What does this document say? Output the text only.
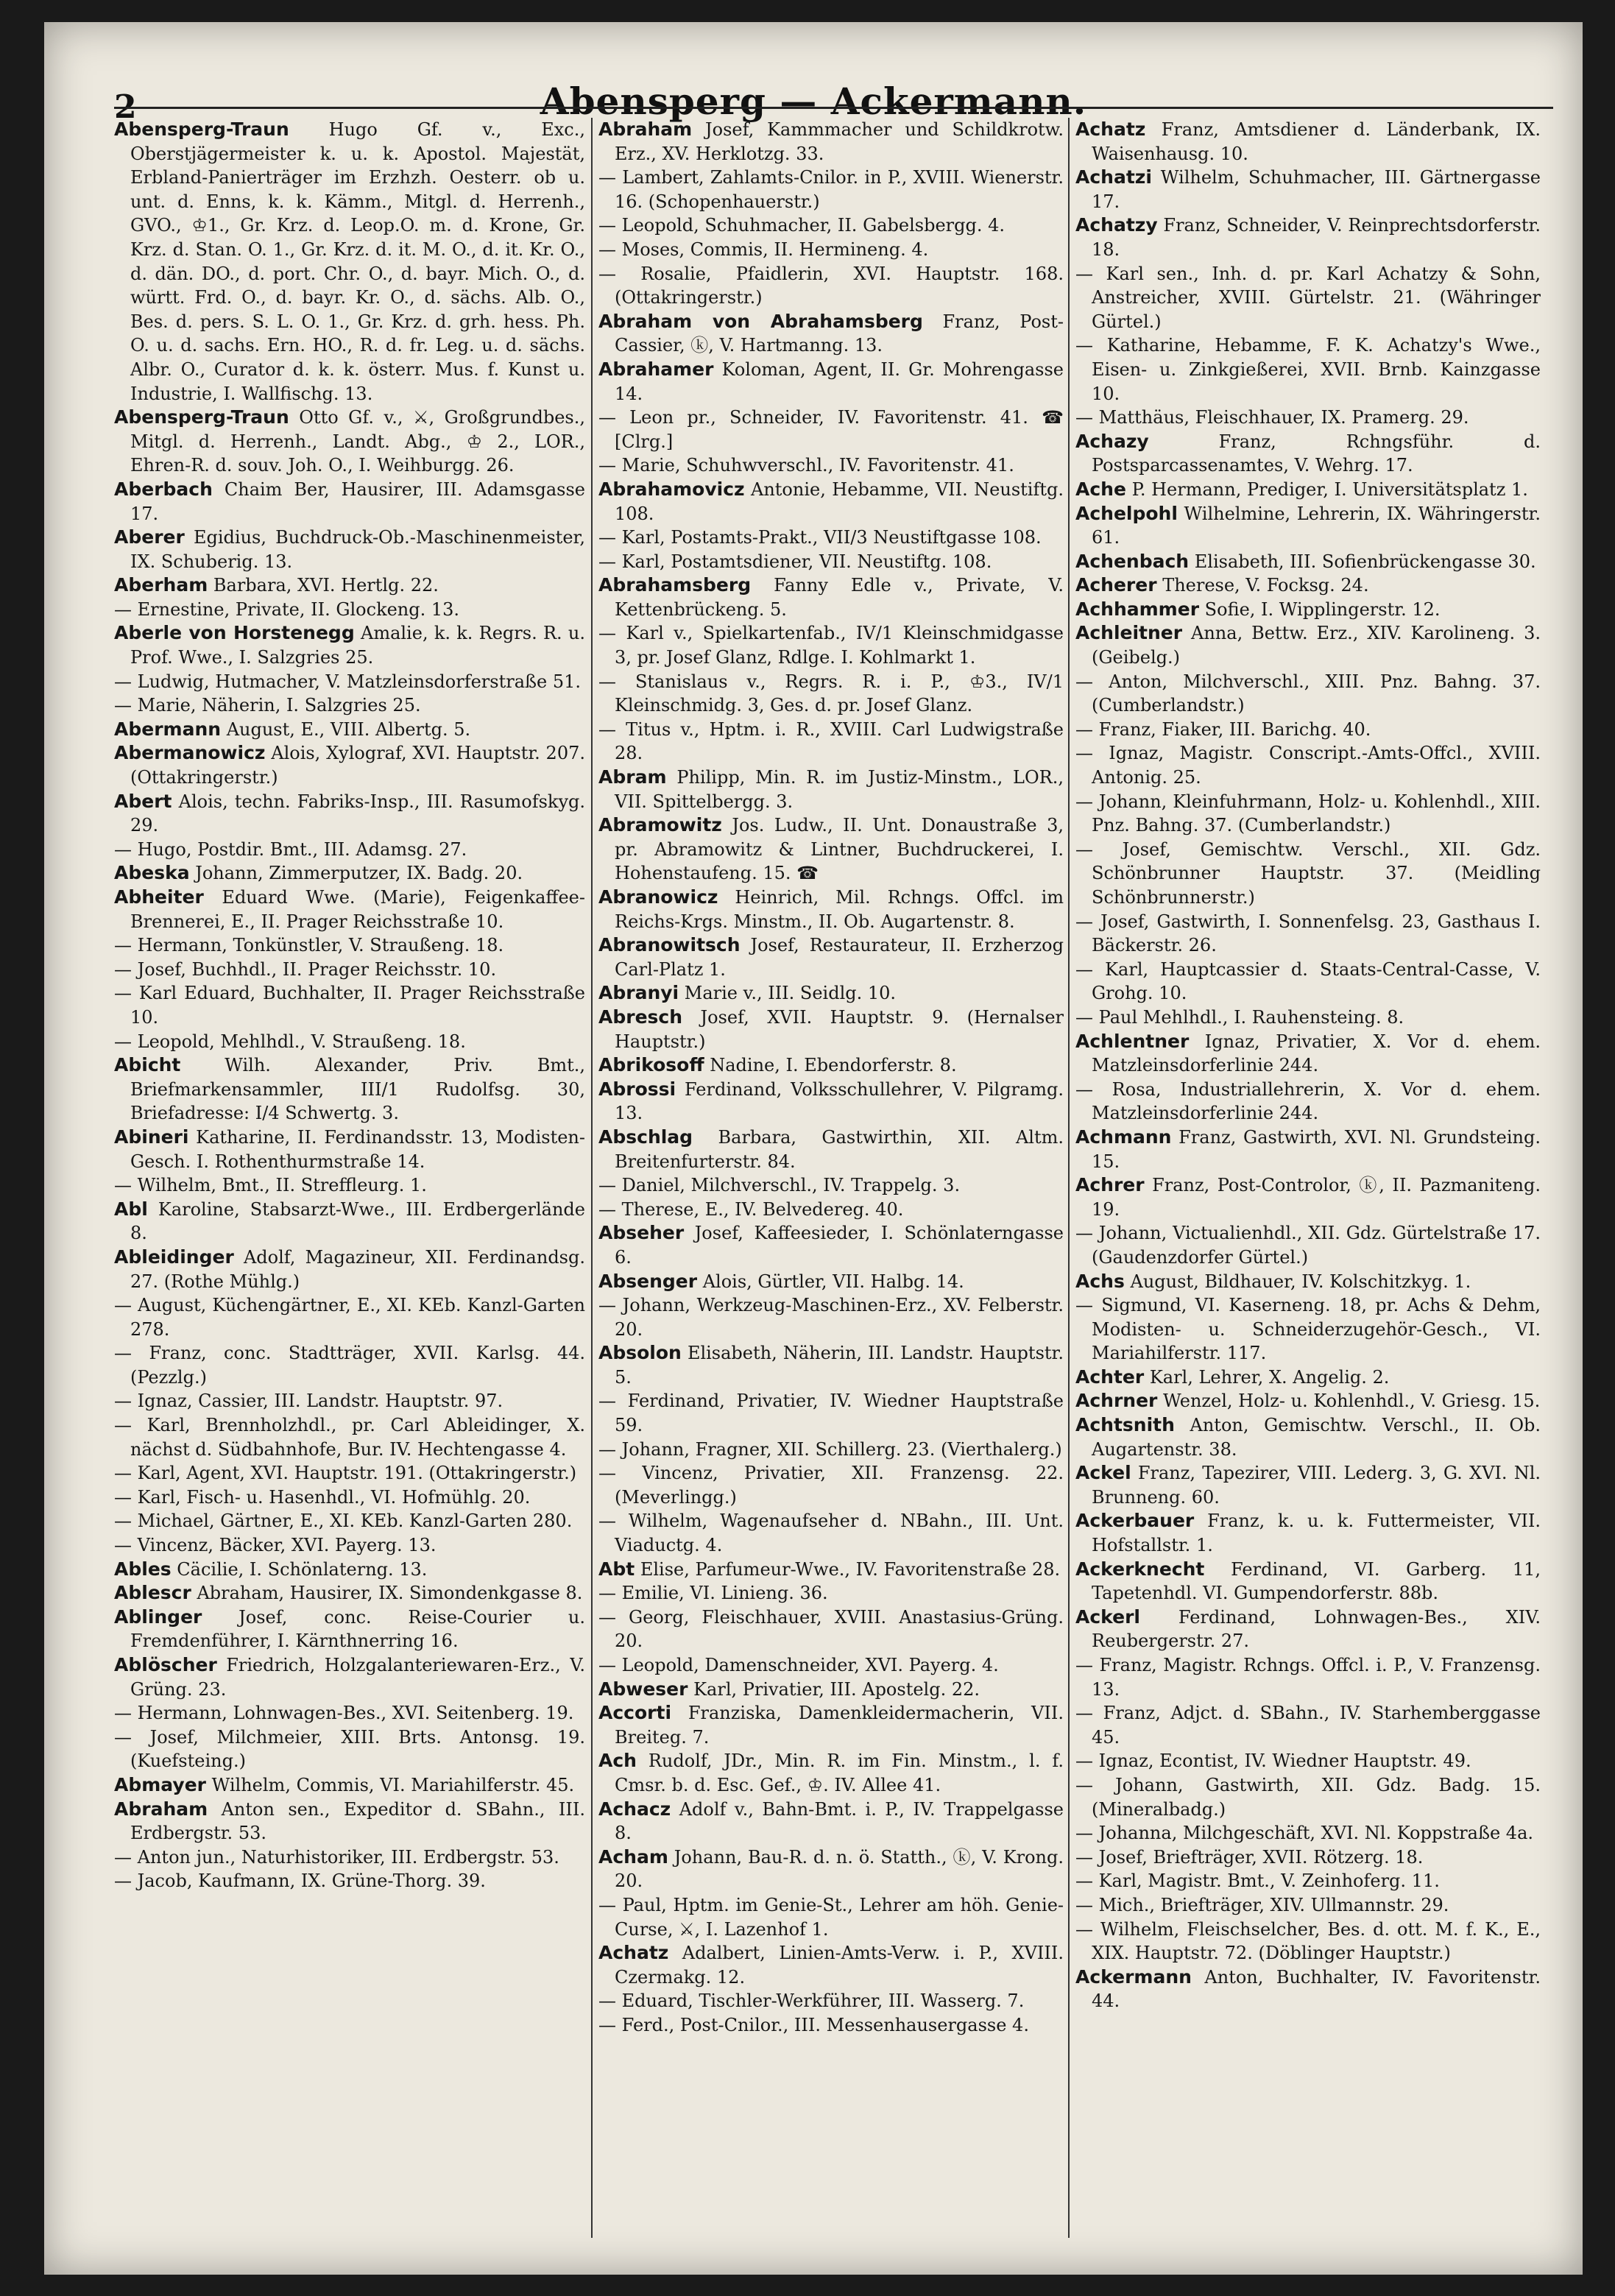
2	Abensperg — Ackermann.

Abensperg-Traun Hugo Gf. v., Exc., Oberstjägermeister k. u. k. Apostol. Majestät, Erbland-Panierträger im Erzhzh. Oesterr. ob u. unt. d. Enns, k. k. Kämm., Mitgl. d. Herrenh., GVO., ♔1., Gr. Krz. d. Leop.O. m. d. Krone, Gr. Krz. d. Stan. O. 1., Gr. Krz. d. it. M. O., d. it. Kr. O., d. dän. DO., d. port. Chr. O., d. bayr. Mich. O., d. württ. Frd. O., d. bayr. Kr. O., d. sächs. Alb. O., Bes. d. pers. S. L. O. 1., Gr. Krz. d. grh. hess. Ph. O. u. d. sachs. Ern. HO., R. d. fr. Leg. u. d. sächs. Albr. O., Curator d. k. k. österr. Mus. f. Kunst u. Industrie, I. Wallfischg. 13.

Abensperg-Traun Otto Gf. v., ⚔, Großgrundbes., Mitgl. d. Herrenh., Landt. Abg., ♔ 2., LOR., Ehren-R. d. souv. Joh. O., I. Weihburgg. 26.

Aberbach Chaim Ber, Hausirer, III. Adamsgasse 17.

Aberer Egidius, Buchdruck-Ob.-Maschinenmeister, IX. Schuberig. 13.

Aberham Barbara, XVI. Hertlg. 22.

— Ernestine, Private, II. Glockeng. 13.

Aberle von Horstenegg Amalie, k. k. Regrs. R. u. Prof. Wwe., I. Salzgries 25.

— Ludwig, Hutmacher, V. Matzleinsdorferstraße 51.

— Marie, Näherin, I. Salzgries 25.

Abermann August, E., VIII. Albertg. 5.

Abermanowicz Alois, Xylograf, XVI. Hauptstr. 207. (Ottakringerstr.)

Abert Alois, techn. Fabriks-Insp., III. Rasumofskyg. 29.

— Hugo, Postdir. Bmt., III. Adamsg. 27.

Abeska Johann, Zimmerputzer, IX. Badg. 20.

Abheiter Eduard Wwe. (Marie), Feigenkaffee-Brennerei, E., II. Prager Reichsstraße 10.

— Hermann, Tonkünstler, V. Straußeng. 18.

— Josef, Buchhdl., II. Prager Reichsstr. 10.

— Karl Eduard, Buchhalter, II. Prager Reichsstraße 10.

— Leopold, Mehlhdl., V. Straußeng. 18.

Abicht Wilh. Alexander, Priv. Bmt., Briefmarkensammler, III/1 Rudolfsg. 30, Briefadresse: I/4 Schwertg. 3.

Abineri Katharine, II. Ferdinandsstr. 13, Modisten-Gesch. I. Rothenthurmstraße 14.

— Wilhelm, Bmt., II. Streffleurg. 1.

Abl Karoline, Stabsarzt-Wwe., III. Erdbergerlände 8.

Ableidinger Adolf, Magazineur, XII. Ferdinandsg. 27. (Rothe Mühlg.)

— August, Küchengärtner, E., XI. KEb. Kanzl-Garten 278.

— Franz, conc. Stadtträger, XVII. Karlsg. 44. (Pezzlg.)

— Ignaz, Cassier, III. Landstr. Hauptstr. 97.

— Karl, Brennholzhdl., pr. Carl Ableidinger, X. nächst d. Südbahnhofe, Bur. IV. Hechtengasse 4.

— Karl, Agent, XVI. Hauptstr. 191. (Ottakringerstr.)

— Karl, Fisch- u. Hasenhdl., VI. Hofmühlg. 20.

— Michael, Gärtner, E., XI. KEb. Kanzl-Garten 280.

— Vincenz, Bäcker, XVI. Payerg. 13.

Ables Cäcilie, I. Schönlaterng. 13.

Ablescr Abraham, Hausirer, IX. Simondenkgasse 8.

Ablinger Josef, conc. Reise-Courier u. Fremdenführer, I. Kärnthnerring 16.

Ablöscher Friedrich, Holzgalanteriewaren-Erz., V. Grüng. 23.

— Hermann, Lohnwagen-Bes., XVI. Seitenberg. 19.

— Josef, Milchmeier, XIII. Brts. Antonsg. 19. (Kuefsteing.)

Abmayer Wilhelm, Commis, VI. Mariahilferstr. 45.

Abraham Anton sen., Expeditor d. SBahn., III. Erdbergstr. 53.

— Anton jun., Naturhistoriker, III. Erdbergstr. 53.

— Jacob, Kaufmann, IX. Grüne-Thorg. 39.

Abraham Josef, Kammmacher und Schildkrotw. Erz., XV. Herklotzg. 33.

— Lambert, Zahlamts-Cnilor. in P., XVIII. Wienerstr. 16. (Schopenhauerstr.)

— Leopold, Schuhmacher, II. Gabelsbergg. 4.

— Moses, Commis, II. Hermineng. 4.

— Rosalie, Pfaidlerin, XVI. Hauptstr. 168. (Ottakringerstr.)

Abraham von Abrahamsberg Franz, Post-Cassier, ⓚ, V. Hartmanng. 13.

Abrahamer Koloman, Agent, II. Gr. Mohrengasse 14.

— Leon pr., Schneider, IV. Favoritenstr. 41. ☎ [Clrg.]

— Marie, Schuhwverschl., IV. Favoritenstr. 41.

Abrahamovicz Antonie, Hebamme, VII. Neustiftg. 108.

— Karl, Postamts-Prakt., VII/3 Neustiftgasse 108.

— Karl, Postamtsdiener, VII. Neustiftg. 108.

Abrahamsberg Fanny Edle v., Private, V. Kettenbrückeng. 5.

— Karl v., Spielkartenfab., IV/1 Kleinschmidgasse 3, pr. Josef Glanz, Rdlge. I. Kohlmarkt 1.

— Stanislaus v., Regrs. R. i. P., ♔3., IV/1 Kleinschmidg. 3, Ges. d. pr. Josef Glanz.

— Titus v., Hptm. i. R., XVIII. Carl Ludwigstraße 28.

Abram Philipp, Min. R. im Justiz-Minstm., LOR., VII. Spittelbergg. 3.

Abramowitz Jos. Ludw., II. Unt. Donaustraße 3, pr. Abramowitz & Lintner, Buchdruckerei, I. Hohenstaufeng. 15. ☎

Abranowicz Heinrich, Mil. Rchngs. Offcl. im Reichs-Krgs. Minstm., II. Ob. Augartenstr. 8.

Abranowitsch Josef, Restaurateur, II. Erzherzog Carl-Platz 1.

Abranyi Marie v., III. Seidlg. 10.

Abresch Josef, XVII. Hauptstr. 9. (Hernalser Hauptstr.)

Abrikosoff Nadine, I. Ebendorferstr. 8.

Abrossi Ferdinand, Volksschullehrer, V. Pilgramg. 13.

Abschlag Barbara, Gastwirthin, XII. Altm. Breitenfurterstr. 84.

— Daniel, Milchverschl., IV. Trappelg. 3.

— Therese, E., IV. Belvedereg. 40.

Abseher Josef, Kaffeesieder, I. Schönlaterngasse 6.

Absenger Alois, Gürtler, VII. Halbg. 14.

— Johann, Werkzeug-Maschinen-Erz., XV. Felberstr. 20.

Absolon Elisabeth, Näherin, III. Landstr. Hauptstr. 5.

— Ferdinand, Privatier, IV. Wiedner Hauptstraße 59.

— Johann, Fragner, XII. Schillerg. 23. (Vierthalerg.)

— Vincenz, Privatier, XII. Franzensg. 22. (Meverlingg.)

— Wilhelm, Wagenaufseher d. NBahn., III. Unt. Viaductg. 4.

Abt Elise, Parfumeur-Wwe., IV. Favoritenstraße 28.

— Emilie, VI. Linieng. 36.

— Georg, Fleischhauer, XVIII. Anastasius-Grüng. 20.

— Leopold, Damenschneider, XVI. Payerg. 4.

Abweser Karl, Privatier, III. Apostelg. 22.

Accorti Franziska, Damenkleidermacherin, VII. Breiteg. 7.

Ach Rudolf, JDr., Min. R. im Fin. Minstm., l. f. Cmsr. b. d. Esc. Gef., ♔. IV. Allee 41.

Achacz Adolf v., Bahn-Bmt. i. P., IV. Trappelgasse 8.

Acham Johann, Bau-R. d. n. ö. Statth., ⓚ, V. Krong. 20.

— Paul, Hptm. im Genie-St., Lehrer am höh. Genie-Curse, ⚔, I. Lazenhof 1.

Achatz Adalbert, Linien-Amts-Verw. i. P., XVIII. Czermakg. 12.

— Eduard, Tischler-Werkführer, III. Wasserg. 7.

— Ferd., Post-Cnilor., III. Messenhausergasse 4.

Achatz Franz, Amtsdiener d. Länderbank, IX. Waisenhausg. 10.

Achatzi Wilhelm, Schuhmacher, III. Gärtnergasse 17.

Achatzy Franz, Schneider, V. Reinprechtsdorferstr. 18.

— Karl sen., Inh. d. pr. Karl Achatzy & Sohn, Anstreicher, XVIII. Gürtelstr. 21. (Währinger Gürtel.)

— Katharine, Hebamme, F. K. Achatzy's Wwe., Eisen- u. Zinkgießerei, XVII. Brnb. Kainzgasse 10.

— Matthäus, Fleischhauer, IX. Pramerg. 29.

Achazy	Franz, Rchngsführ. d. Postsparcassenamtes, V. Wehrg. 17.

Ache P. Hermann, Prediger, I. Universitätsplatz 1.

Achelpohl Wilhelmine, Lehrerin, IX. Währingerstr. 61.

Achenbach Elisabeth, III. Sofienbrückengasse 30.

Acherer Therese, V. Focksg. 24.

Achhammer Sofie, I. Wipplingerstr. 12.

Achleitner Anna, Bettw. Erz., XIV. Karolineng. 3. (Geibelg.)

— Anton, Milchverschl., XIII. Pnz. Bahng. 37. (Cumberlandstr.)

— Franz, Fiaker, III. Barichg. 40.

— Ignaz, Magistr. Conscript.-Amts-Offcl., XVIII. Antonig. 25.

— Johann, Kleinfuhrmann, Holz- u. Kohlenhdl., XIII. Pnz. Bahng. 37. (Cumberlandstr.)

— Josef, Gemischtw. Verschl., XII. Gdz. Schönbrunner Hauptstr. 37. (Meidling Schönbrunnerstr.)

— Josef, Gastwirth, I. Sonnenfelsg. 23, Gasthaus I. Bäckerstr. 26.

— Karl, Hauptcassier d. Staats-Central-Casse, V. Grohg. 10.

— Paul Mehlhdl., I. Rauhensteing. 8.

Achlentner Ignaz, Privatier, X. Vor d. ehem. Matzleinsdorferlinie 244.

— Rosa, Industriallehrerin, X. Vor d. ehem. Matzleinsdorferlinie 244.

Achmann Franz, Gastwirth, XVI. Nl. Grundsteing. 15.

Achrer Franz, Post-Controlor, ⓚ, II. Pazmaniteng. 19.

— Johann, Victualienhdl., XII. Gdz. Gürtelstraße 17. (Gaudenzdorfer Gürtel.)

Achs August, Bildhauer, IV. Kolschitzkyg. 1.

— Sigmund, VI. Kaserneng. 18, pr. Achs & Dehm, Modisten- u. Schneiderzugehör-Gesch., VI. Mariahilferstr. 117.

Achter Karl, Lehrer, X. Angelig. 2.

Achrner Wenzel, Holz- u. Kohlenhdl., V. Griesg. 15.

Achtsnith Anton, Gemischtw. Verschl., II. Ob. Augartenstr. 38.

Ackel Franz, Tapezirer, VIII. Lederg. 3, G. XVI. Nl. Brunneng. 60.

Ackerbauer Franz, k. u. k. Futtermeister, VII. Hofstallstr. 1.

Ackerknecht Ferdinand, VI. Garberg. 11, Tapetenhdl. VI. Gumpendorferstr. 88b.

Ackerl Ferdinand, Lohnwagen-Bes., XIV. Reubergerstr. 27.

— Franz, Magistr. Rchngs. Offcl. i. P., V. Franzensg. 13.

— Franz, Adjct. d. SBahn., IV. Starhemberggasse 45.

— Ignaz, Econtist, IV. Wiedner Hauptstr. 49.

— Johann, Gastwirth, XII. Gdz. Badg. 15. (Mineralbadg.)

— Johanna, Milchgeschäft, XVI. Nl. Koppstraße 4a.

— Josef, Briefträger, XVII. Rötzerg. 18.

— Karl, Magistr. Bmt., V. Zeinhoferg. 11.

— Mich., Briefträger, XIV. Ullmannstr. 29.

— Wilhelm, Fleischselcher, Bes. d. ott. M. f. K., E., XIX. Hauptstr. 72. (Döblinger Hauptstr.)

Ackermann Anton, Buchhalter, IV. Favoritenstr. 44.
